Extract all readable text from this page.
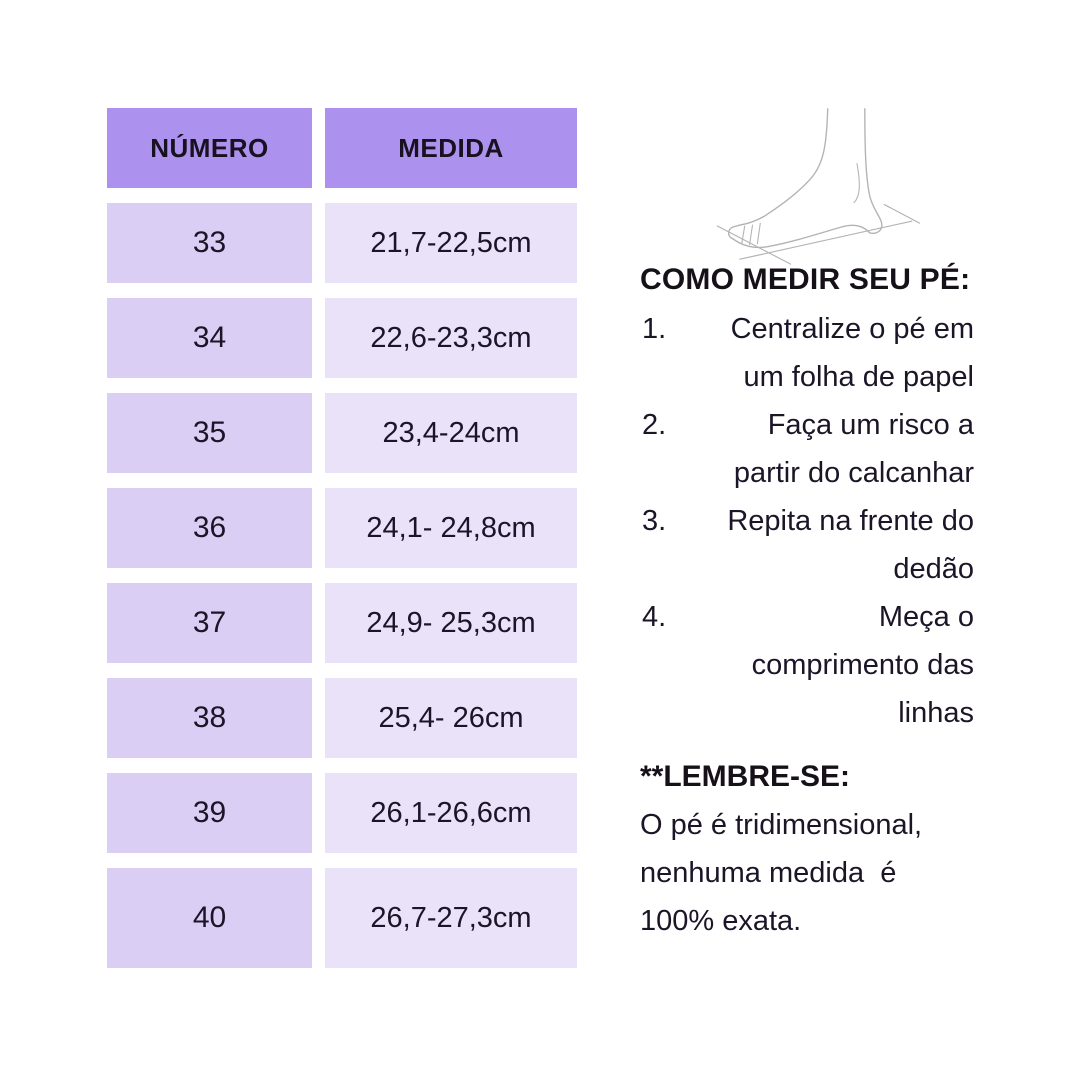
NÚMERO	MEDIDA
33	21,7-22,5cm
34	22,6-23,3cm
35	23,4-24cm
36	24,1- 24,8cm
37	24,9- 25,3cm
38	25,4- 26cm
39	26,1-26,6cm
40	26,7-27,3cm
COMO MEDIR SEU PÉ:
1.	Centralize o pé em
um folha de papel
2.	Faça um risco a
partir do calcanhar
3.	Repita na frente do
dedão
4.	Meça o
comprimento das
linhas
**LEMBRE-SE:
O pé é tridimensional,
nenhuma medida  é
100% exata.
